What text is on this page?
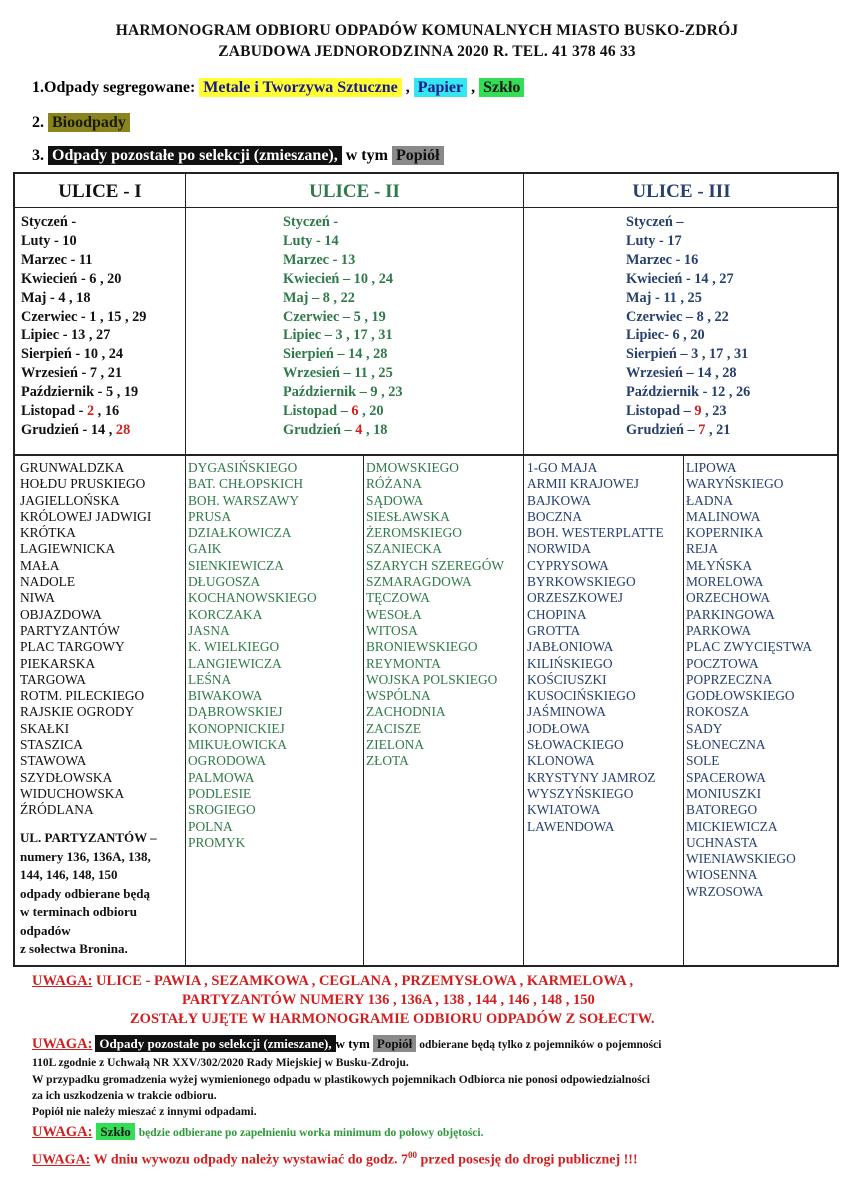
HARMONOGRAM ODBIORU ODPADÓW KOMUNALNYCH MIASTO BUSKO-ZDRÓJ
ZABUDOWA JEDNORODZINNA 2020 R. TEL. 41 378 46 33
1.Odpady segregowane: Metale i Tworzywa Sztuczne , Papier , Szkło
2. Bioodpady
3. Odpady pozostałe po selekcji (zmieszane), w tym Popiół
ULICE - I	ULICE - II	ULICE - III
Styczeń -
Luty - 10
Marzec - 11
Kwiecień - 6 , 20
Maj - 4 , 18
Czerwiec - 1 , 15 , 29
Lipiec - 13 , 27
Sierpień - 10 , 24
Wrzesień - 7 , 21
Październik - 5 , 19
Listopad - 2 , 16
Grudzień - 14 , 28
Styczeń -
Luty - 14
Marzec - 13
Kwiecień – 10 , 24
Maj – 8 , 22
Czerwiec – 5 , 19
Lipiec – 3 , 17 , 31
Sierpień – 14 , 28
Wrzesień – 11 , 25
Październik – 9 , 23
Listopad – 6 , 20
Grudzień – 4 , 18
Styczeń –
Luty - 17
Marzec - 16
Kwiecień - 14 , 27
Maj - 11 , 25
Czerwiec – 8 , 22
Lipiec- 6 , 20
Sierpień – 3 , 17 , 31
Wrzesień – 14 , 28
Październik - 12 , 26
Listopad – 9 , 23
Grudzień – 7 , 21
GRUNWALDZKA
HOŁDU PRUSKIEGO
JAGIELLOŃSKA
KRÓLOWEJ JADWIGI
KRÓTKA
LAGIEWNICKA
MAŁA
NADOLE
NIWA
OBJAZDOWA
PARTYZANTÓW
PLAC TARGOWY
PIEKARSKA
TARGOWA
ROTM. PILECKIEGO
RAJSKIE OGRODY
SKAŁKI
STASZICA
STAWOWA
SZYDŁOWSKA
WIDUCHOWSKA
ŹRÓDLANA
UL. PARTYZANTÓW –
numery 136, 136A, 138,
144, 146, 148, 150
odpady odbierane będą
w terminach odbioru
odpadów
z sołectwa Bronina.
DYGASIŃSKIEGO
BAT. CHŁOPSKICH
BOH. WARSZAWY
PRUSA
DZIAŁKOWICZA
GAIK
SIENKIEWICZA
DŁUGOSZA
KOCHANOWSKIEGO
KORCZAKA
JASNA
K. WIELKIEGO
LANGIEWICZA
LEŚNA
BIWAKOWA
DĄBROWSKIEJ
KONOPNICKIEJ
MIKUŁOWICKA
OGRODOWA
PALMOWA
PODLESIE
SROGIEGO
POLNA
PROMYK
DMOWSKIEGO
RÓŻANA
SĄDOWA
SIESŁAWSKA
ŻEROMSKIEGO
SZANIECKA
SZARYCH SZEREGÓW
SZMARAGDOWA
TĘCZOWA
WESOŁA
WITOSA
BRONIEWSKIEGO
REYMONTA
WOJSKA POLSKIEGO
WSPÓLNA
ZACHODNIA
ZACISZE
ZIELONA
ZŁOTA
1-GO MAJA
ARMII KRAJOWEJ
BAJKOWA
BOCZNA
BOH. WESTERPLATTE
NORWIDA
CYPRYSOWA
BYRKOWSKIEGO
ORZESZKOWEJ
CHOPINA
GROTTA
JABŁONIOWA
KILIŃSKIEGO
KOŚCIUSZKI
KUSOCIŃSKIEGO
JAŚMINOWA
JODŁOWA
SŁOWACKIEGO
KLONOWA
KRYSTYNY JAMROZ
WYSZYŃSKIEGO
KWIATOWA
LAWENDOWA
LIPOWA
WARYŃSKIEGO
ŁADNA
MALINOWA
KOPERNIKA
REJA
MŁYŃSKA
MORELOWA
ORZECHOWA
PARKINGOWA
PARKOWA
PLAC ZWYCIĘSTWA
POCZTOWA
POPRZECZNA
GODŁOWSKIEGO
ROKOSZA
SADY
SŁONECZNA
SOLE
SPACEROWA
MONIUSZKI
BATOREGO
MICKIEWICZA
UCHNASTA
WIENIAWSKIEGO
WIOSENNA
WRZOSOWA
UWAGA: ULICE - PAWIA , SEZAMKOWA , CEGLANA , PRZEMYSŁOWA , KARMELOWA ,
PARTYZANTÓW NUMERY 136 , 136A , 138 , 144 , 146 , 148 , 150
ZOSTAŁY UJĘTE W HARMONOGRAMIE ODBIORU ODPADÓW Z SOŁECTW.
UWAGA: Odpady pozostałe po selekcji (zmieszane), w tym Popiół odbierane będą tylko z pojemników o pojemności
110L zgodnie z Uchwałą NR XXV/302/2020 Rady Miejskiej w Busku-Zdroju.
W przypadku gromadzenia wyżej wymienionego odpadu w plastikowych pojemnikach Odbiorca nie ponosi odpowiedzialności
za ich uszkodzenia w trakcie odbioru.
Popiół nie należy mieszać z innymi odpadami.
UWAGA: Szkło będzie odbierane po zapełnieniu worka minimum do połowy objętości.
UWAGA: W dniu wywozu odpady należy wystawiać do godz. $7^{00}$ przed posesję do drogi publicznej !!!
